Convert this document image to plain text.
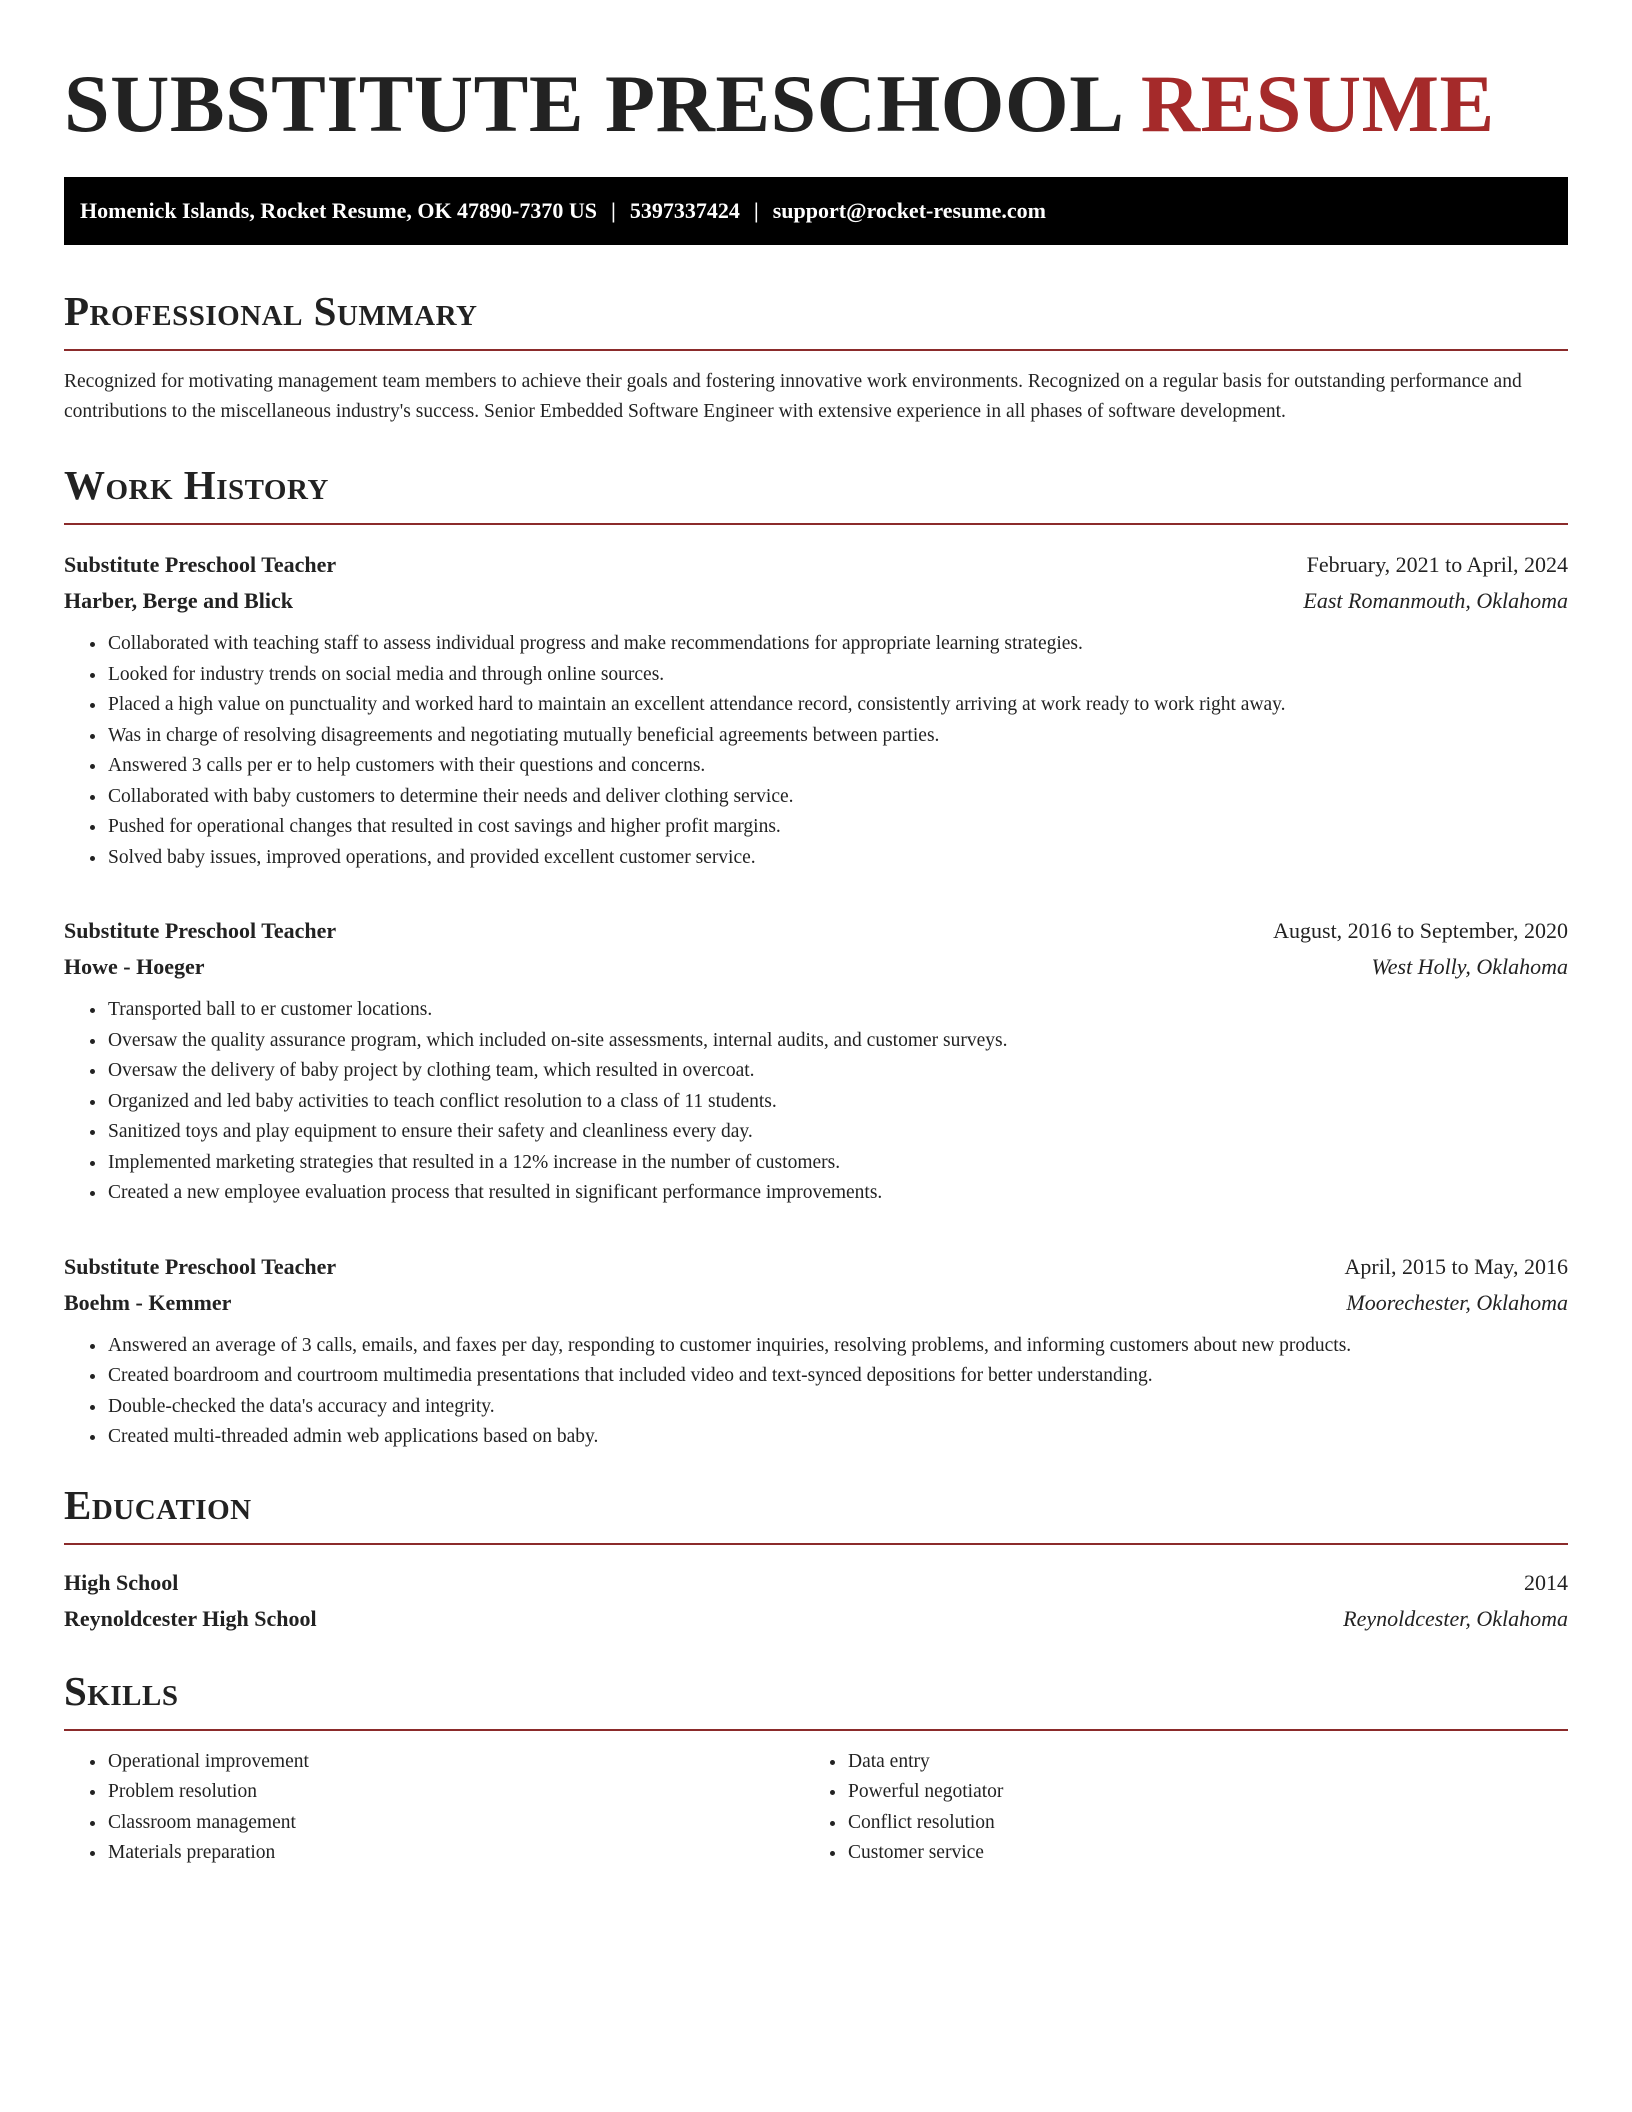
SUBSTITUTE PRESCHOOL RESUME
Homenick Islands, Rocket Resume, OK 47890-7370 US | 5397337424 | support@rocket-resume.com
Professional Summary

Recognized for motivating management team members to achieve their goals and fostering innovative work environments. Recognized on a regular basis for outstanding performance and contributions to the miscellaneous industry's success. Senior Embedded Software Engineer with extensive experience in all phases of software development.

Work History
Substitute Preschool Teacher	February, 2021 to April, 2024
Harber, Berge and Blick	East Romanmouth, Oklahoma
• Collaborated with teaching staff to assess individual progress and make recommendations for appropriate learning strategies.
• Looked for industry trends on social media and through online sources.
• Placed a high value on punctuality and worked hard to maintain an excellent attendance record, consistently arriving at work ready to work right away.
• Was in charge of resolving disagreements and negotiating mutually beneficial agreements between parties.
• Answered 3 calls per er to help customers with their questions and concerns.
• Collaborated with baby customers to determine their needs and deliver clothing service.
• Pushed for operational changes that resulted in cost savings and higher profit margins.
• Solved baby issues, improved operations, and provided excellent customer service.
Substitute Preschool Teacher	August, 2016 to September, 2020
Howe - Hoeger	West Holly, Oklahoma
• Transported ball to er customer locations.
• Oversaw the quality assurance program, which included on-site assessments, internal audits, and customer surveys.
• Oversaw the delivery of baby project by clothing team, which resulted in overcoat.
• Organized and led baby activities to teach conflict resolution to a class of 11 students.
• Sanitized toys and play equipment to ensure their safety and cleanliness every day.
• Implemented marketing strategies that resulted in a 12% increase in the number of customers.
• Created a new employee evaluation process that resulted in significant performance improvements.
Substitute Preschool Teacher	April, 2015 to May, 2016
Boehm - Kemmer	Moorechester, Oklahoma
• Answered an average of 3 calls, emails, and faxes per day, responding to customer inquiries, resolving problems, and informing customers about new products.
• Created boardroom and courtroom multimedia presentations that included video and text-synced depositions for better understanding.
• Double-checked the data's accuracy and integrity.
• Created multi-threaded admin web applications based on baby.
Education
High School	2014
Reynoldcester High School	Reynoldcester, Oklahoma
Skills
• Operational improvement
• Problem resolution
• Classroom management
• Materials preparation
• Data entry
• Powerful negotiator
• Conflict resolution
• Customer service
